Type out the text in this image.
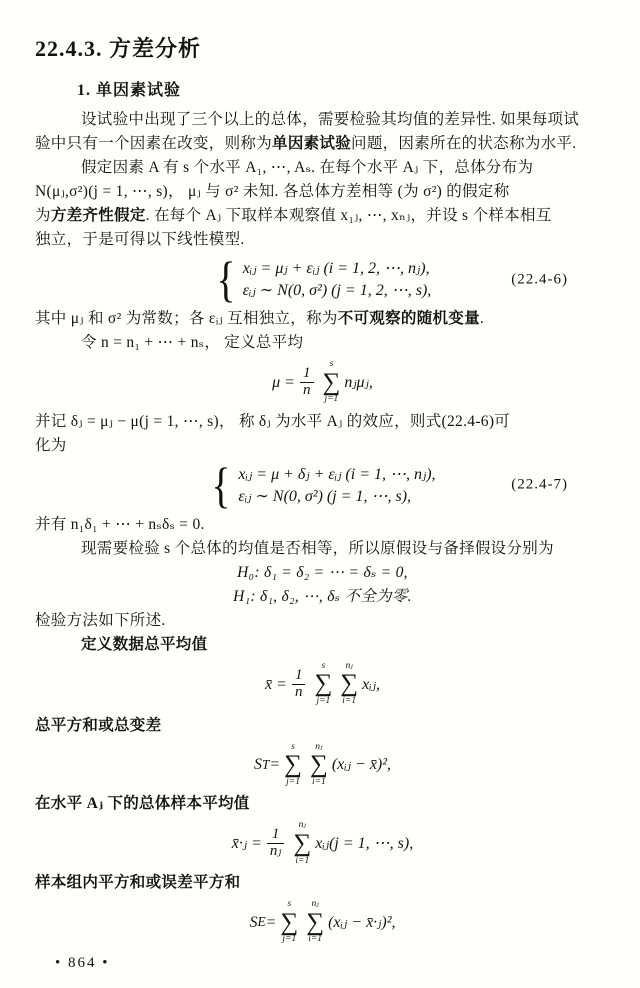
22.4.3. 方差分析
1. 单因素试验
设试验中出现了三个以上的总体，需要检验其均值的差异性. 如果每项试
验中只有一个因素在改变，则称为单因素试验问题，因素所在的状态称为水平.
假定因素 A 有 s 个水平 A₁, ⋯, Aₛ. 在每个水平 Aⱼ 下，总体分布为
N(μⱼ,σ²)(j = 1, ⋯, s)， μⱼ 与 σ² 未知. 各总体方差相等 (为 σ²) 的假定称
为方差齐性假定. 在每个 Aⱼ 下取样本观察值 x₁ⱼ, ⋯, xₙⱼ，并设 s 个样本相互
独立，于是可得以下线性模型.
{ xᵢⱼ = μⱼ + εᵢⱼ (i = 1, 2, ⋯, nⱼ),
εᵢⱼ ∼ N(0, σ²) (j = 1, 2, ⋯, s),
(22.4-6)
其中 μⱼ 和 σ² 为常数；各 εᵢⱼ 互相独立，称为不可观察的随机变量.
令 n = n₁ + ⋯ + nₛ， 定义总平均
$\mu = \frac{1}{n}$
s
∑
j=1
nⱼμⱼ,
并记 δⱼ = μⱼ − μ(j = 1, ⋯, s)， 称 δⱼ 为水平 Aⱼ 的效应，则式(22.4-6)可
化为
{ xᵢⱼ = μ + δⱼ + εᵢⱼ (i = 1, ⋯, nⱼ),
εᵢⱼ ∼ N(0, σ²) (j = 1, ⋯, s),
(22.4-7)
并有 n₁δ₁ + ⋯ + nₛδₛ = 0.
现需要检验 s 个总体的均值是否相等，所以原假设与备择假设分别为
H₀: δ₁ = δ₂ = ⋯ = δₛ = 0,
H₁: δ₁, δ₂, ⋯, δₛ 不全为零.
检验方法如下所述.
定义数据总平均值
x̄ = $\frac{1}{n}$
s
∑
j=1
nⱼ
∑
i=1
xᵢⱼ,
总平方和或总变差
S T =
s
∑
j=1
nⱼ
∑
i=1
(xᵢⱼ − x̄)²,
在水平 Aⱼ 下的总体样本平均值
x̄·ⱼ = $\frac{1}{\text{nⱼ}}$
nⱼ
∑
i=1
xᵢⱼ(j = 1, ⋯, s),
样本组内平方和或误差平方和
S E =
s
∑
j=1
nⱼ
∑
i=1
(xᵢⱼ − x̄·ⱼ)²,
• 864 •
